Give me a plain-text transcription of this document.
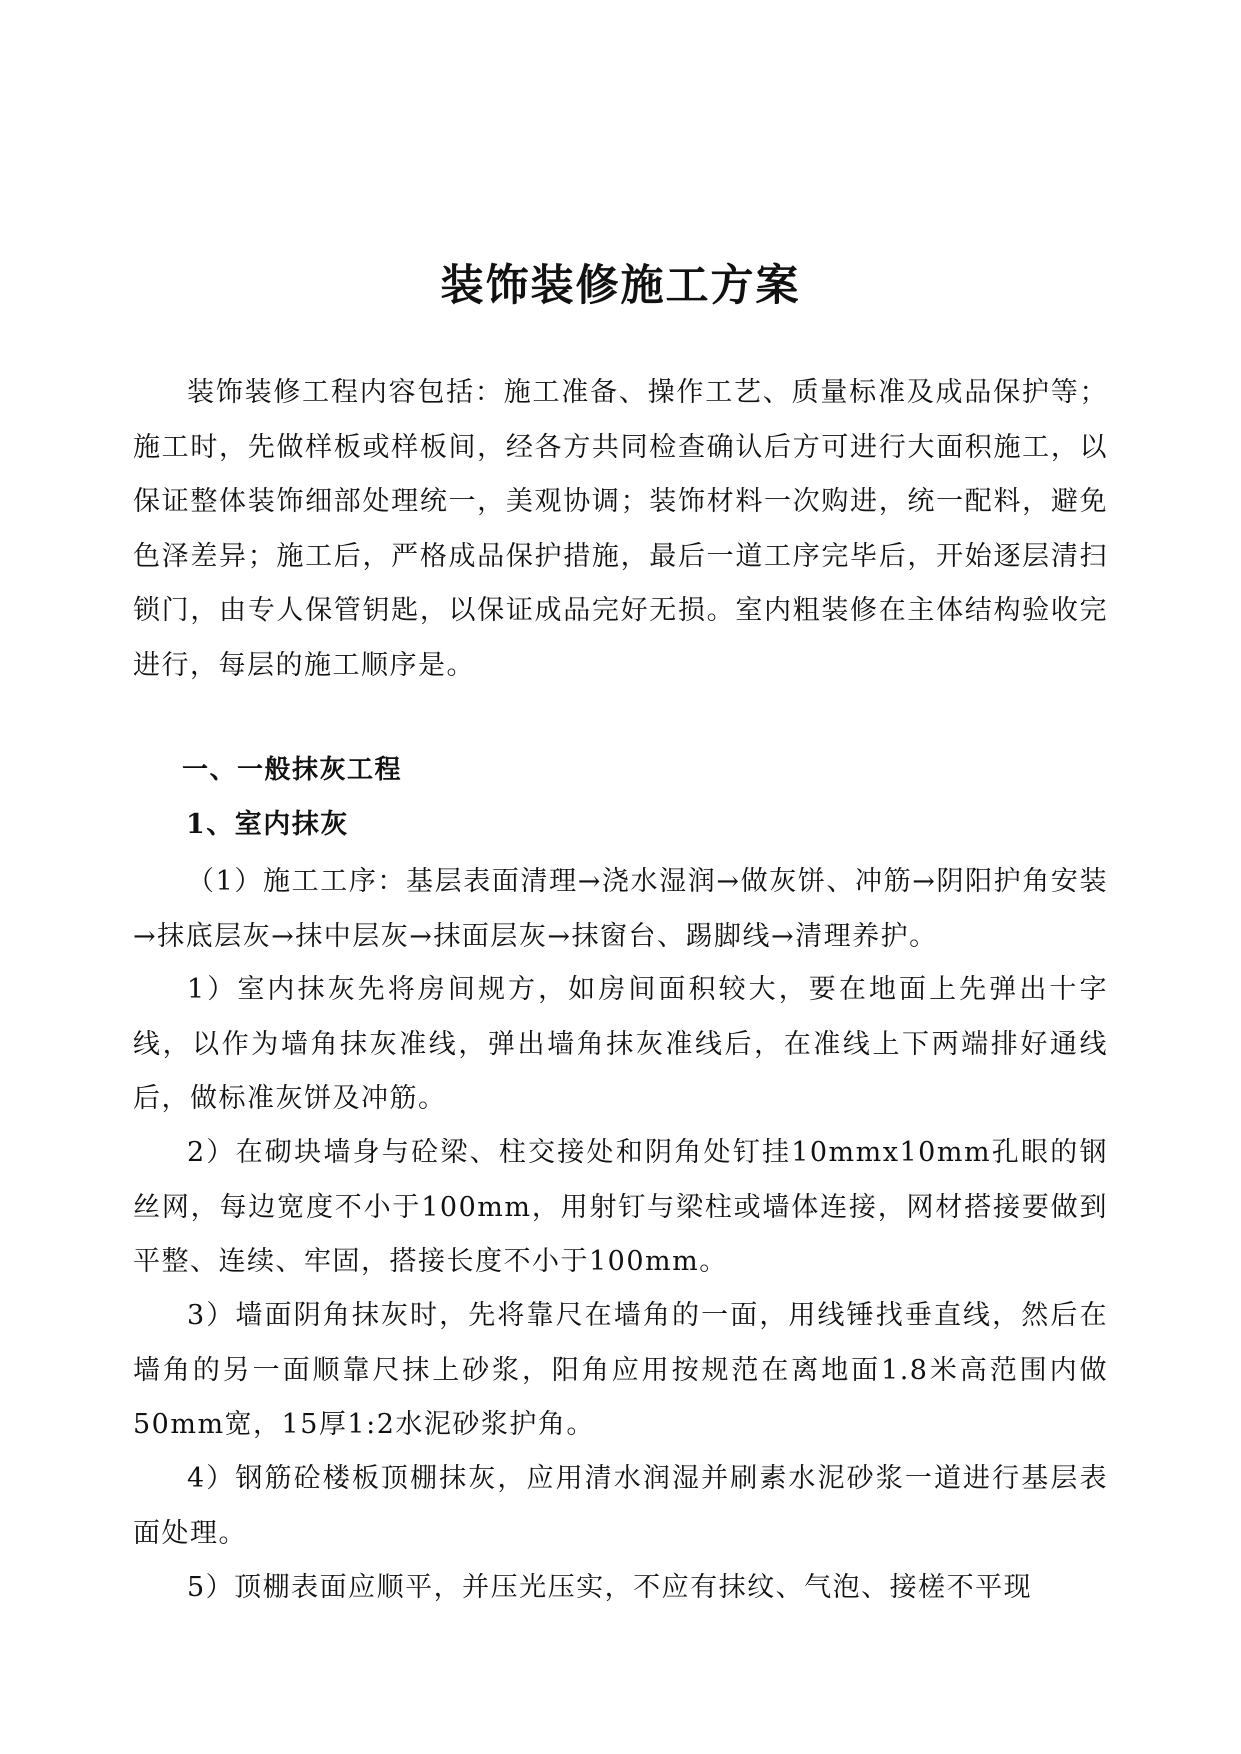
装饰装修施工方案

装饰装修工程内容包括：施工准备、操作工艺、质量标准及成品保护等；施工时，先做样板或样板间，经各方共同检查确认后方可进行大面积施工，以保证整体装饰细部处理统一，美观协调；装饰材料一次购进，统一配料，避免色泽差异；施工后，严格成品保护措施，最后一道工序完毕后，开始逐层清扫锁门，由专人保管钥匙，以保证成品完好无损。室内粗装修在主体结构验收完进行，每层的施工顺序是。

一、一般抹灰工程
1、室内抹灰

（1）施工工序：基层表面清理→浇水湿润→做灰饼、冲筋→阴阳护角安装→抹底层灰→抹中层灰→抹面层灰→抹窗台、踢脚线→清理养护。

1）室内抹灰先将房间规方，如房间面积较大，要在地面上先弹出十字线，以作为墙角抹灰准线，弹出墙角抹灰准线后，在准线上下两端排好通线后，做标准灰饼及冲筋。

2）在砌块墙身与砼梁、柱交接处和阴角处钉挂10mmx10mm孔眼的钢丝网，每边宽度不小于100mm，用射钉与梁柱或墙体连接，网材搭接要做到平整、连续、牢固，搭接长度不小于100mm。

3）墙面阴角抹灰时，先将靠尺在墙角的一面，用线锤找垂直线，然后在墙角的另一面顺靠尺抹上砂浆，阳角应用按规范在离地面1.8米高范围内做50mm宽，15厚1:2水泥砂浆护角。

4）钢筋砼楼板顶棚抹灰，应用清水润湿并刷素水泥砂浆一道进行基层表面处理。

5）顶棚表面应顺平，并压光压实，不应有抹纹、气泡、接槎不平现
